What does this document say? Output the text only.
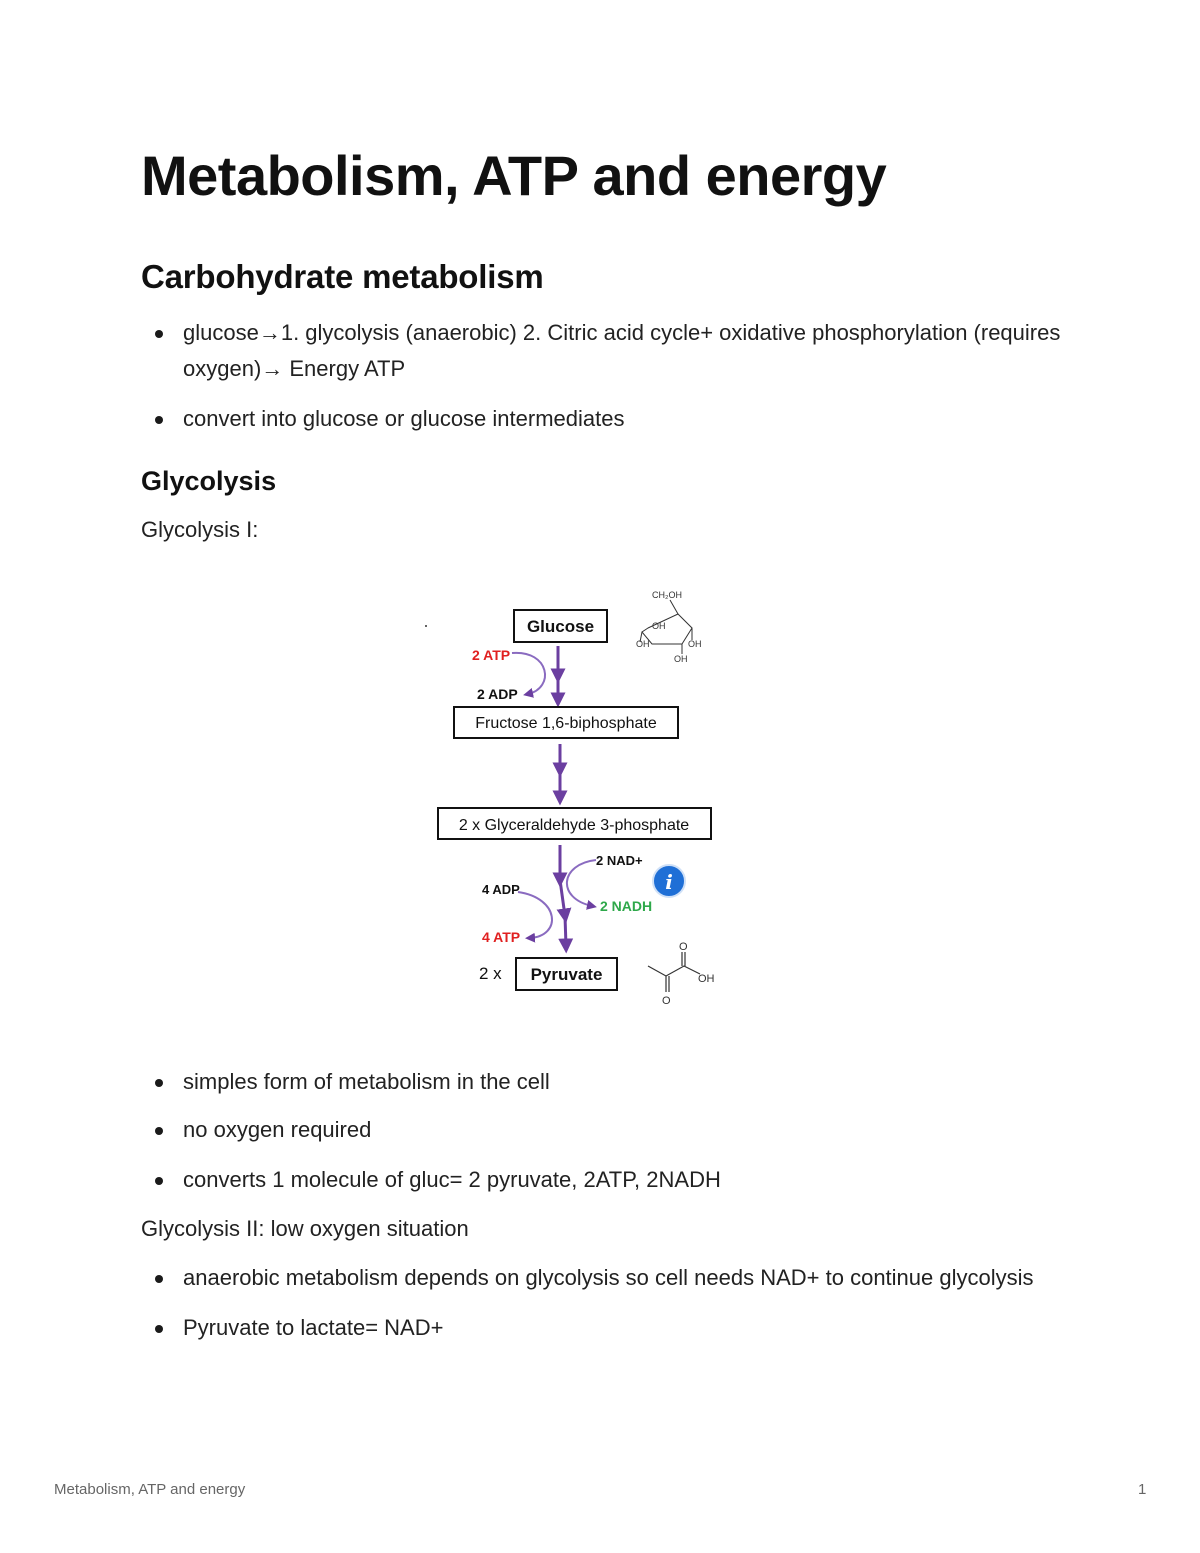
Metabolism, ATP and energy
Carbohydrate metabolism
glucose→1. glycolysis (anaerobic) 2. Citric acid cycle+ oxidative phosphorylation (requires oxygen)→ Energy ATP
convert into glucose or glucose intermediates
Glycolysis

Glycolysis I:

Glucose
CH₂OH
OH
OH	OH
OH
2 ATP
2 ADP
Fructose 1,6-biphosphate
2 x Glyceraldehyde 3-phosphate
2 NAD+
2 NADH
4 ADP
4 ATP
i
2 x Pyruvate
O
O
OH
simples form of metabolism in the cell
no oxygen required
converts 1 molecule of gluc= 2 pyruvate, 2ATP, 2NADH

Glycolysis II: low oxygen situation

anaerobic metabolism depends on glycolysis so cell needs NAD+ to continue glycolysis
Pyruvate to lactate= NAD+
Metabolism, ATP and energy	1
